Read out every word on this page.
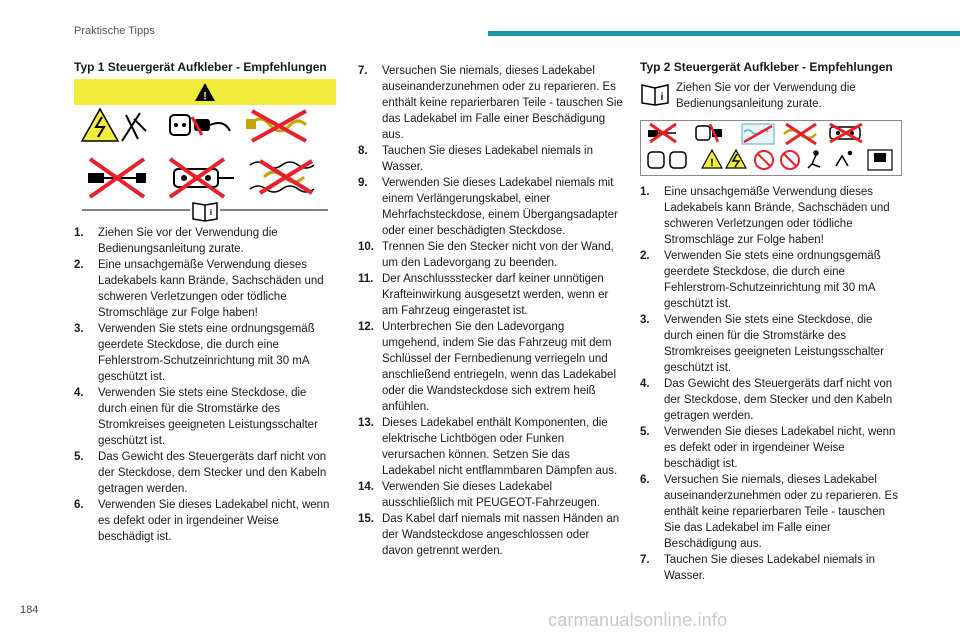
Praktische Tipps
Typ 1 Steuergerät Aufkleber - Empfehlungen
!
i
1. Ziehen Sie vor der Verwendung die Bedienungsanleitung zurate.
2. Eine unsachgemäße Verwendung dieses Ladekabels kann Brände, Sachschäden und schweren Verletzungen oder tödliche Stromschläge zur Folge haben!
3. Verwenden Sie stets eine ordnungsgemäß geerdete Steckdose, die durch eine Fehlerstrom-Schutzeinrichtung mit 30 mA geschützt ist.
4. Verwenden Sie stets eine Steckdose, die durch einen für die Stromstärke des Stromkreises geeigneten Leistungsschalter geschützt ist.
5. Das Gewicht des Steuergeräts darf nicht von der Steckdose, dem Stecker und den Kabeln getragen werden.
6. Verwenden Sie dieses Ladekabel nicht, wenn es defekt oder in irgendeiner Weise beschädigt ist.
7. Versuchen Sie niemals, dieses Ladekabel auseinanderzunehmen oder zu reparieren. Es enthält keine reparierbaren Teile - tauschen Sie das Ladekabel im Falle einer Beschädigung aus.
8. Tauchen Sie dieses Ladekabel niemals in Wasser.
9. Verwenden Sie dieses Ladekabel niemals mit einem Verlängerungskabel, einer Mehrfachsteckdose, einem Übergangsadapter oder einer beschädigten Steckdose.
10. Trennen Sie den Stecker nicht von der Wand, um den Ladevorgang zu beenden.
11. Der Anschlussstecker darf keiner unnötigen Krafteinwirkung ausgesetzt werden, wenn er am Fahrzeug eingerastet ist.
12. Unterbrechen Sie den Ladevorgang umgehend, indem Sie das Fahrzeug mit dem Schlüssel der Fernbedienung verriegeln und anschließend entriegeln, wenn das Ladekabel oder die Wandsteckdose sich extrem heiß anfühlen.
13. Dieses Ladekabel enthält Komponenten, die elektrische Lichtbögen oder Funken verursachen können. Setzen Sie das Ladekabel nicht entflammbaren Dämpfen aus.
14. Verwenden Sie dieses Ladekabel ausschließlich mit PEUGEOT-Fahrzeugen.
15. Das Kabel darf niemals mit nassen Händen an der Wandsteckdose angeschlossen oder davon getrennt werden.
Typ 2 Steuergerät Aufkleber - Empfehlungen
i
Ziehen Sie vor der Verwendung die Bedienungsanleitung zurate.
!
1. Eine unsachgemäße Verwendung dieses Ladekabels kann Brände, Sachschäden und schweren Verletzungen oder tödliche Stromschläge zur Folge haben!
2. Verwenden Sie stets eine ordnungsgemäß geerdete Steckdose, die durch eine Fehlerstrom-Schutzeinrichtung mit 30 mA geschützt ist.
3. Verwenden Sie stets eine Steckdose, die durch einen für die Stromstärke des Stromkreises geeigneten Leistungsschalter geschützt ist.
4. Das Gewicht des Steuergeräts darf nicht von der Steckdose, dem Stecker und den Kabeln getragen werden.
5. Verwenden Sie dieses Ladekabel nicht, wenn es defekt oder in irgendeiner Weise beschädigt ist.
6. Versuchen Sie niemals, dieses Ladekabel auseinanderzunehmen oder zu reparieren. Es enthält keine reparierbaren Teile - tauschen Sie das Ladekabel im Falle einer Beschädigung aus.
7. Tauchen Sie dieses Ladekabel niemals in Wasser.
184	carmanualsonline.info
